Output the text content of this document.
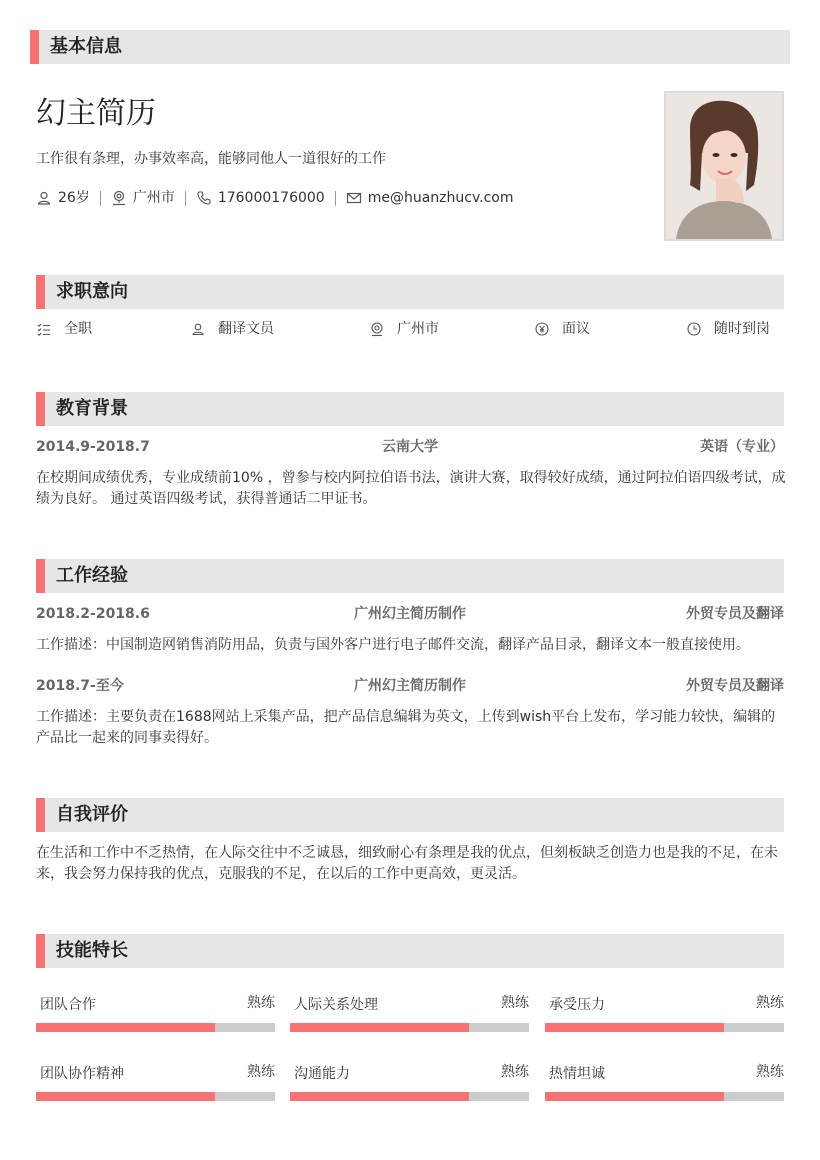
基本信息
幻主简历
工作很有条理，办事效率高，能够同他人一道很好的工作
26岁	广州市	176000176000	me@huanzhucv.com
求职意向
全职	翻译文员	广州市	面议	随时到岗
教育背景
2014.9-2018.7	云南大学	英语（专业）
在校期间成绩优秀，专业成绩前10% ，曾参与校内阿拉伯语书法，演讲大赛，取得较好成绩，通过阿拉伯语四级考试，成绩为良好。 通过英语四级考试，获得普通话二甲证书。
工作经验
2018.2-2018.6	广州幻主简历制作	外贸专员及翻译
工作描述：中国制造网销售消防用品，负责与国外客户进行电子邮件交流，翻译产品目录，翻译文本一般直接使用。
2018.7-至今	广州幻主简历制作	外贸专员及翻译
工作描述：主要负责在1688网站上采集产品，把产品信息编辑为英文，上传到wish平台上发布，学习能力较快，编辑的产品比一起来的同事卖得好。
自我评价
在生活和工作中不乏热情，在人际交往中不乏诚恳，细致耐心有条理是我的优点，但刻板缺乏创造力也是我的不足，在未来，我会努力保持我的优点，克服我的不足，在以后的工作中更高效，更灵活。
技能特长
团队合作	熟练 人际关系处理	熟练 承受压力	熟练
团队协作精神	熟练 沟通能力	熟练 热情坦诚	熟练
